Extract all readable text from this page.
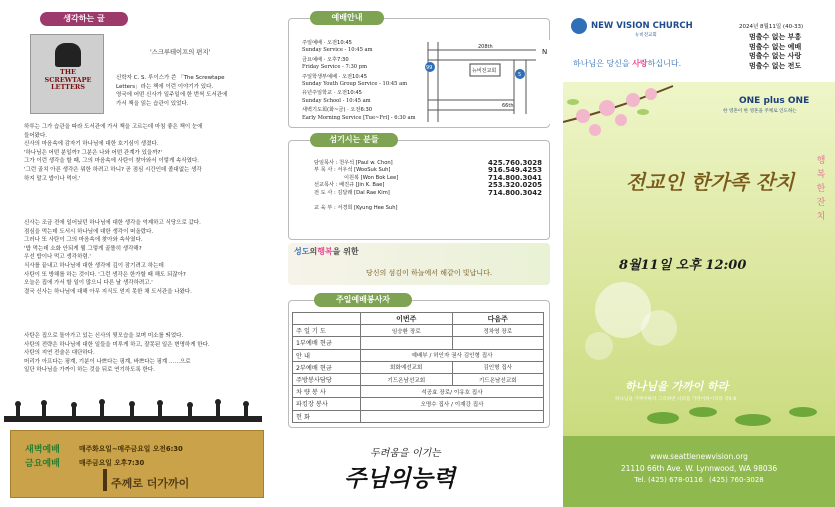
생각하는 글
THE SCREWTAPE LETTERS
'스크루테이프의 편지'
신학자 C. S. 루이스가 쓴 「The Screwtape
Letters」라는 책에 이런 이야기가 있다.
영국에 어떤 신사가 일주일에 한 번씩 도서관에
가서 책을 읽는 습관이 있었다.
하루는 그가 습관을 따라 도서관에 가서 책을 고르는데 마침 좋은 책이 눈에
들어왔다.
신사의 마음속에 감자기 하나님에 대한 호기심이 생겼다.
'하나님은 어떤 분일까? 그분은 나와 어떤 관계가 있을까?'
그가 이런 생각을 할 때, 그의 마음속에 사탄이 찾아와서 이렇게 속삭였다.
'그런 골치 아픈 생각은 뭐한 하려고 하니? 곧 점심 시간인데 졸대없는 생각
하지 말고 밥이나 먹어.'
신사는 조금 전에 일어났던 하나님에 대한 생각을 억제하고 식당으로 갔다.
점심을 먹는데 도서시 하나님에 대한 생각이 떠올랐다.
그러나 또 사탄이 그의 마음속에 찾아와 속삭였다.
'밥 먹는데 소화 안되게 뭘 그렇게 골똘히 생각해?
우선 밥이나 먹고 생각하렴.'
식사를 끝내고 하나님에 대한 생각에 깊이 잠기려고 하는데
사탄이 또 방해를 하는 것이다. '그런 생각은 한가할 때 해도 되잖아?
오늘은 집에 가서 할 일이 많으니 다른 날 생각하려고.'
결국 신사는 하나님에 대해 아무 지식도 얻지 못한 채 도서관을 나왔다.
사탄은 집으로 돌아가고 있는 신사의 뒷모습을 보며 미소를 띄었다.
사탄의 전략은 하나님에 대한 일들을 미루게 하고, 잘못된 일은 변명하게 한다.
사탄의 지연 전술은 대단하다.
머리가 아프다는 핑계, 기분이 나쁘다는 핑계, 바쁘다는 핑계 ……으로
일단 하나님을 가까이 하는 것을 뒤로 연기하도록 한다.
새벽예배
금요예배
매주화요일~매주금요일 오전6:30
매주금요일 오후7:30
주께로 더가까이
예배안내
주일예배 · 오전10:45
Sunday Service - 10:45 am
금요예배 · 오후7:30
Friday Service - 7:30 pm
주일학생부예배 · 오전10:45
Sunday Youth Group Service - 10:45 am
유년주일학교 · 오전10:45
Sunday School - 10:45 am
새벽기도회(화~금) · 오전6:30
Early Morning Service [Tue~Fri] - 6:30 am
뉴비전교회
208th
99
5
66th
N
섬기시는 분들
담임목사 : 천우석 [Paul w. Chon]	425.760.3028
부 목 사 : 서우석 [WooSuk Suh]	916.549.4253
이원복 [Won Bok Lee]	714.800.3041
선교목사 : 배진규 [Jin K. Bae]	253.320.0205
전 도 사 : 김달래 [Dal Rae Kim]	714.800.3042
교 육 부 : 서경희 [Kyung Hee Suh]
성도의행복을 위한
당신의 섬김이 하늘에서 해같이 빛납니다.
주일예배봉사자
	이번주	다음주
주 일 기 도	임승환 장로	정차영 장로
1부예배 현금		
안 내	예배부 / 허인자 권사 김인형 집사	
2부예배 현금	회화예선교회	김인형 집사
주방봉사담당	기드온남선교회	기드온남선교회
차 량 봉 사	석공효 장로/ 이유호 집사	
파킹장 봉사	오명수 집사 / 이재강 집사	
헌 화		
두려움을 이기는
주님의능력
NEW VISION CHURCH
뉴비전교회
2024년 8월11일 (40-33)
멈출수 없는 부흥
멈출수 없는 예배
멈출수 없는 사랑
멈출수 없는 전도
하나님은 당신을 사랑하십니다.
ONE plus ONE
한 영혼이 한 영혼을 주께로 인도하는
전교인 한가족 잔치
8월11일 오후 12:00
행 복 한 잔 치
하나님을 가까이 하라
하나님을 가까이하라 그리하면 너희를 가까이하시리라 약4:8
www.seattlenewvision.org
21110 66th Ave. W. Lynnwood, WA 98036
Tel. (425) 678-0116 (425) 760-3028
